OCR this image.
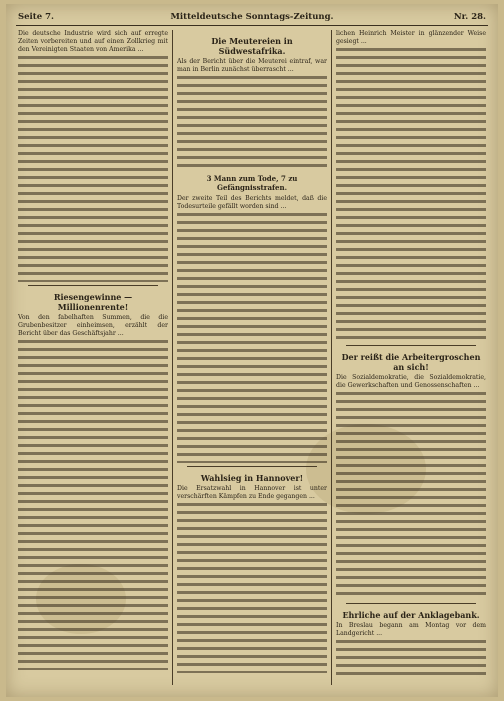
Seite 7.	Mitteldeutsche Sonntags-Zeitung.	Nr. 28.

Die deutsche Industrie wird sich auf erregte Zeiten vorbereiten und auf einen Zollkrieg mit den Vereinigten Staaten von Amerika ...

Riesengewinne — Millionenrente!

Von den fabelhaften Summen, die die Grubenbesitzer einheimsen, erzählt der Bericht über das Geschäftsjahr ...

Die Meutereien in Südwestafrika.

Als der Bericht über die Meuterei eintraf, war man in Berlin zunächst überrascht ...

3 Mann zum Tode, 7 zu Gefängnisstrafen.

Der zweite Teil des Berichts meldet, daß die Todesurteile gefällt worden sind ...

Wahlsieg in Hannover!

Die Ersatzwahl in Hannover ist unter verschärften Kämpfen zu Ende gegangen ...

lichen Heinrich Meister in glänzender Weise gesiegt ...

Der reißt die Arbeitergroschen an sich!

Die Sozialdemokratie, die Sozialdemokratie, die Gewerkschaften und Genossenschaften ...

Ehrliche auf der Anklagebank.

In Breslau begann am Montag vor dem Landgericht ...
